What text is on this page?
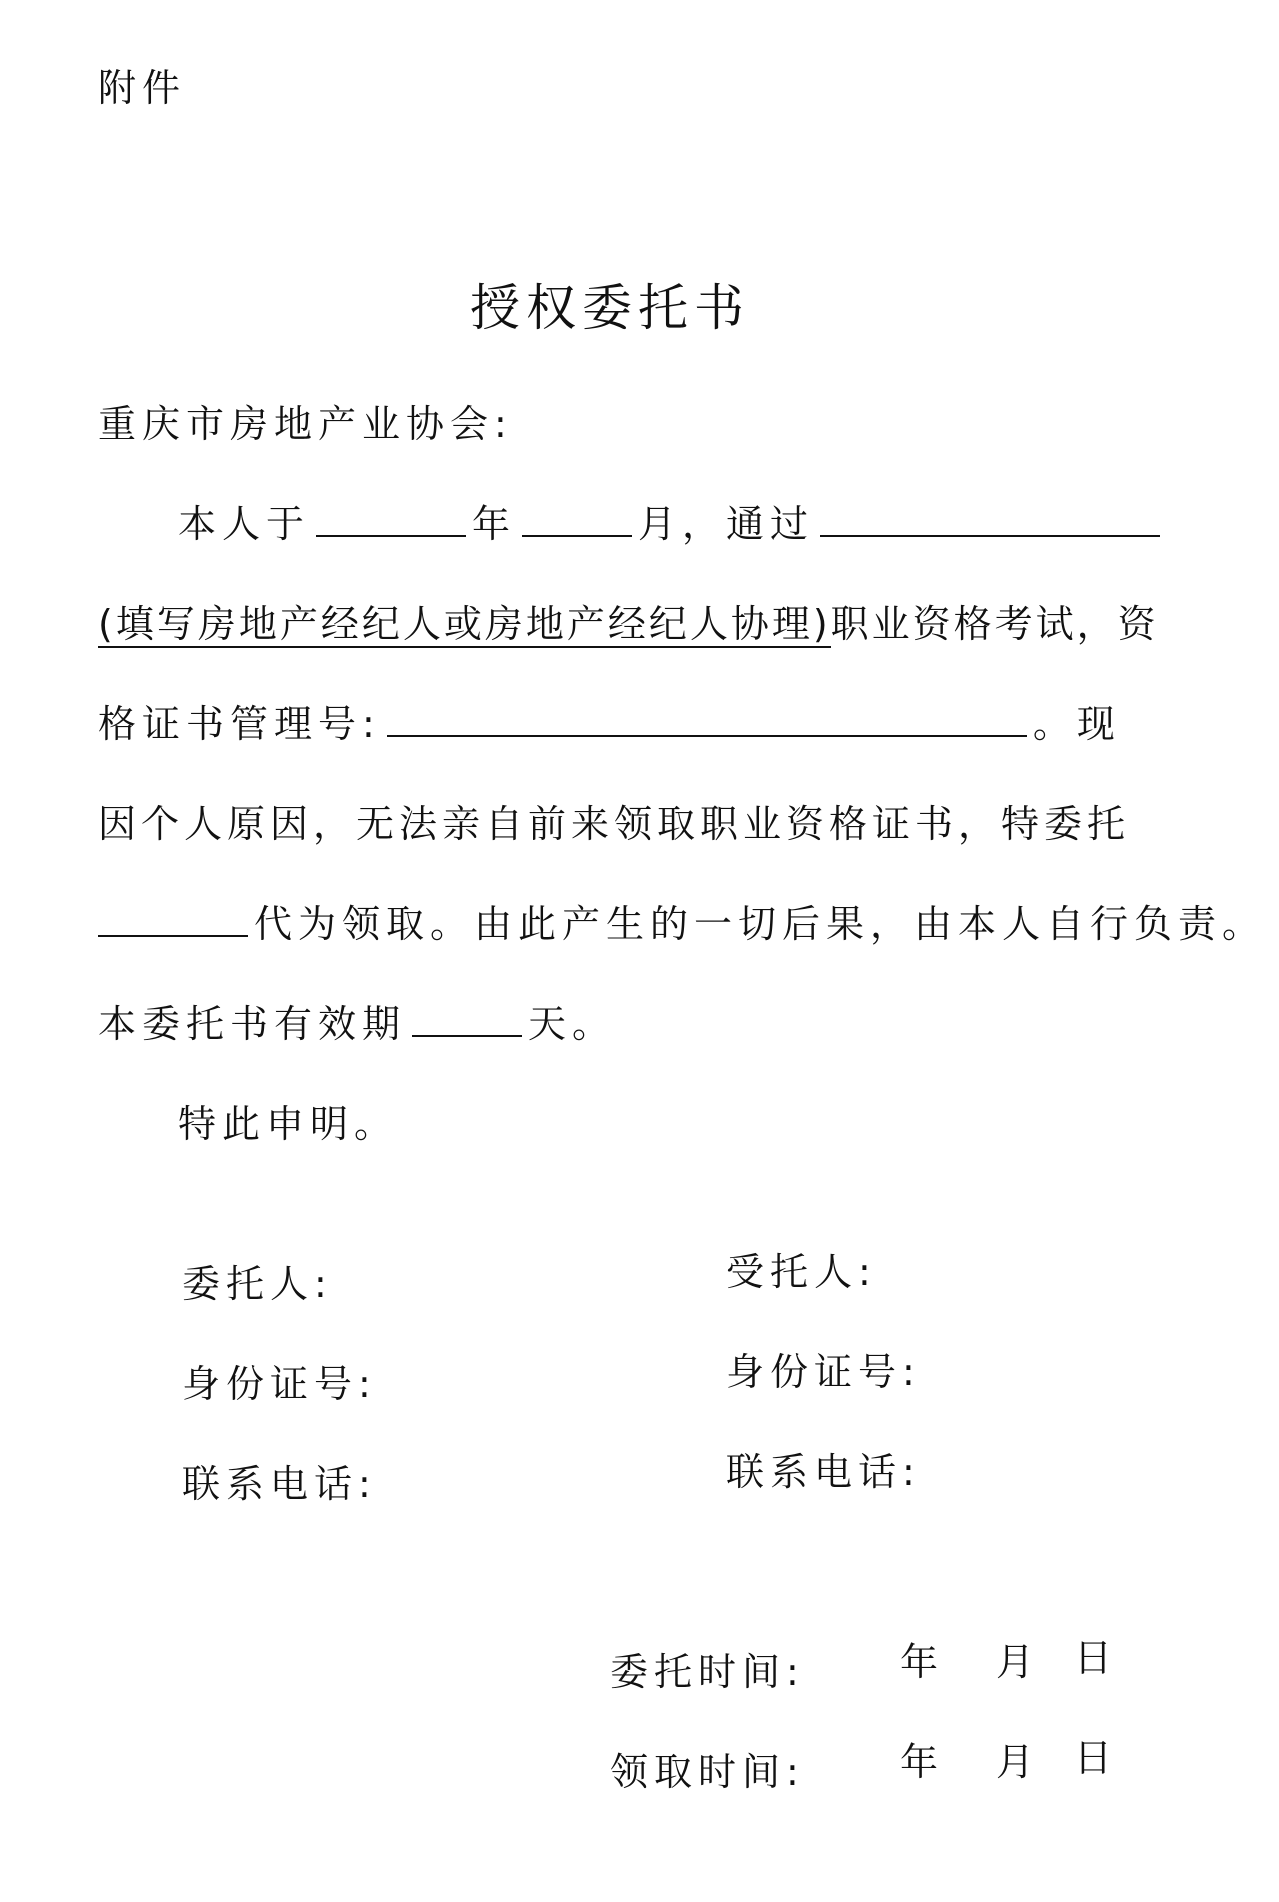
附件
授权委托书
重庆市房地产业协会:
本人于	年	月，通过
(填写房地产经纪人或房地产经纪人协理)职业资格考试，资
格证书管理号:	。现
因个人原因，无法亲自前来领取职业资格证书，特委托
代为领取。由此产生的一切后果，由本人自行负责。
本委托书有效期	天。
特此申明。
委托人:
身份证号:
联系电话:
受托人:
身份证号:
联系电话:
委托时间:	年 月 日
领取时间:	年 月 日
